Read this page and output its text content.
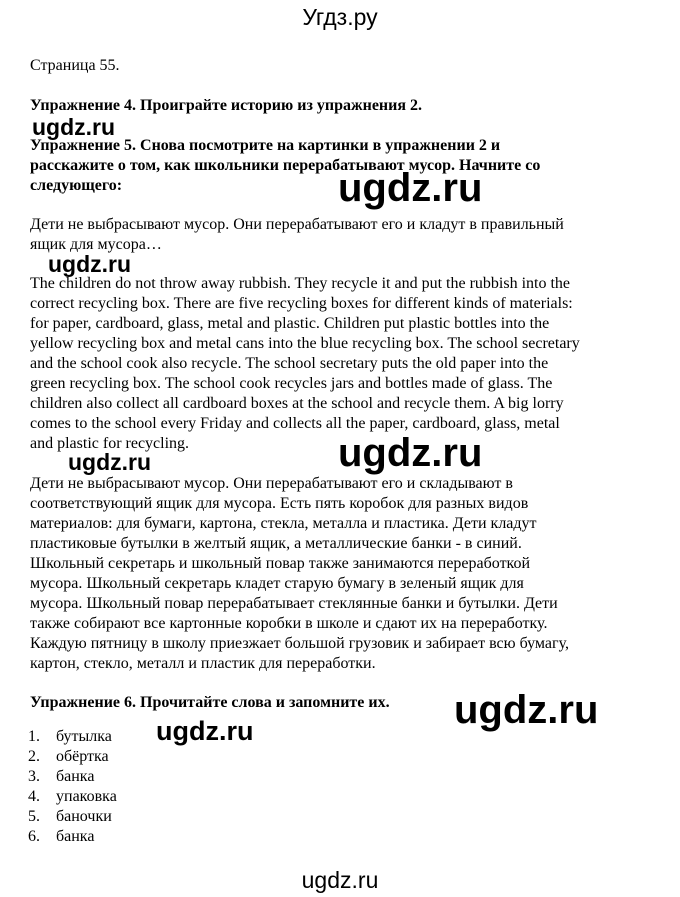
Угдз.ру
Страница 55.
Упражнение 4. Проиграйте историю из упражнения 2.
ugdz.ru
Упражнение 5. Снова посмотрите на картинки в упражнении 2 и
расскажите о том, как школьники перерабатывают мусор. Начните со
следующего:	ugdz.ru
Дети не выбрасывают мусор. Они перерабатывают его и кладут в правильный
ящик для мусора…
ugdz.ru
The children do not throw away rubbish. They recycle it and put the rubbish into the
correct recycling box. There are five recycling boxes for different kinds of materials:
for paper, cardboard, glass, metal and plastic. Children put plastic bottles into the
yellow recycling box and metal cans into the blue recycling box. The school secretary
and the school cook also recycle. The school secretary puts the old paper into the
green recycling box. The school cook recycles jars and bottles made of glass. The
children also collect all cardboard boxes at the school and recycle them. A big lorry
comes to the school every Friday and collects all the paper, cardboard, glass, metal
and plastic for recycling.	ugdz.ru
ugdz.ru
Дети не выбрасывают мусор. Они перерабатывают его и складывают в
соответствующий ящик для мусора. Есть пять коробок для разных видов
материалов: для бумаги, картона, стекла, металла и пластика. Дети кладут
пластиковые бутылки в желтый ящик, а металлические банки - в синий.
Школьный секретарь и школьный повар также занимаются переработкой
мусора. Школьный секретарь кладет старую бумагу в зеленый ящик для
мусора. Школьный повар перерабатывает стеклянные банки и бутылки. Дети
также собирают все картонные коробки в школе и сдают их на переработку.
Каждую пятницу в школу приезжает большой грузовик и забирает всю бумагу,
картон, стекло, металл и пластик для переработки.
Упражнение 6. Прочитайте слова и запомните их. ugdz.ru
ugdz.ru
1. бутылка
2. обёртка
3. банка
4. упаковка
5. баночки
6. банка
ugdz.ru
